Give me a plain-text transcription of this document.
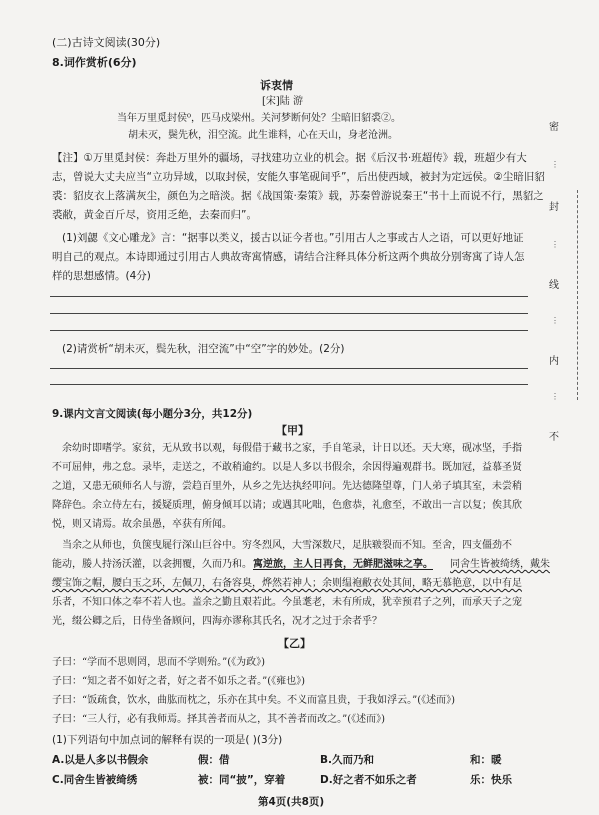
(二)古诗文阅读(30分)
8.词作赏析(6分)
诉衷情
[宋]陆 游
当年万里觅封侯⁰，匹马戍梁州。关河梦断何处？尘暗旧貂裘②。
胡未灭，鬓先秋，泪空流。此生谁料，心在天山，身老沧洲。
【注】①万里觅封侯：奔赴万里外的疆场，寻找建功立业的机会。据《后汉书·班超传》载，班超少有大
志，曾说大丈夫应当“立功异域，以取封侯，安能久事笔砚间乎”，后出使西域，被封为定远侯。②尘暗旧貂
裘：貂皮衣上落满灰尘，颜色为之暗淡。据《战国策·秦策》载，苏秦曾游说秦王“书十上而说不行，黑貂之
裘敝，黄金百斤尽，资用乏绝，去秦而归”。
(1)刘勰《文心雕龙》言：“据事以类义，援古以证今者也。”引用古人之事或古人之语，可以更好地证
明自己的观点。本诗即通过引用古人典故寄寓情感，请结合注释具体分析这两个典故分别寄寓了诗人怎
样的思想感情。(4分)
(2)请赏析“胡未灭，鬓先秋，泪空流”中“空”字的妙处。(2分)
9.课内文言文阅读(每小题分3分，共12分)
【甲】
余幼时即嗜学。家贫，无从致书以观，每假借于藏书之家，手自笔录，计日以还。天大寒，砚冰坚，手指
不可屈伸，弗之怠。录毕，走送之，不敢稍逾约。以是人多以书假余，余因得遍观群书。既加冠，益慕圣贤
之道，又患无硕师名人与游，尝趋百里外，从乡之先达执经叩问。先达德隆望尊，门人弟子填其室，未尝稍
降辞色。余立侍左右，援疑质理，俯身倾耳以请；或遇其叱咄，色愈恭，礼愈至，不敢出一言以复；俟其欣
悦，则又请焉。故余虽愚，卒获有所闻。
当余之从师也，负箧曳屣行深山巨谷中。穷冬烈风，大雪深数尺，足肤皲裂而不知。至舍，四支僵劲不
能动，媵人持汤沃灌，以衾拥覆，久而乃和。 寓逆旅，主人日再食，无鲜肥滋味之享。 同舍生皆被绮绣，戴朱
缨宝饰之帽，腰白玉之环，左佩刀，右备容臭，烨然若神人；余则缊袍敝衣处其间，略无慕艳意，以中有足
乐者，不知口体之奉不若人也。盖余之勤且艰若此。今虽耄老，未有所成，犹幸预君子之列，而承天子之宠
光，缀公卿之后，日侍坐备顾问，四海亦谬称其氏名，况才之过于余者乎？
【乙】
子曰：“学而不思则罔，思而不学则殆。”(《为政》)
子曰：“知之者不如好之者，好之者不如乐之者。”(《雍也》)
子曰：“饭疏食，饮水，曲肱而枕之，乐亦在其中矣。不义而富且贵，于我如浮云。”(《述而》)
子曰：“三人行，必有我师焉。择其善者而从之，其不善者而改之。”(《述而》)
(1)下列语句中加点词的解释有误的一项是( )(3分)
A.以是人多以书假余	假：借	B.久而乃和	和：暖
C.同舍生皆被绮绣	被：同“披”，穿着	D.好之者不如乐之者	乐：快乐
第4页(共8页)
密
⋮
封
⋮
线
⋮
内
⋮
不
